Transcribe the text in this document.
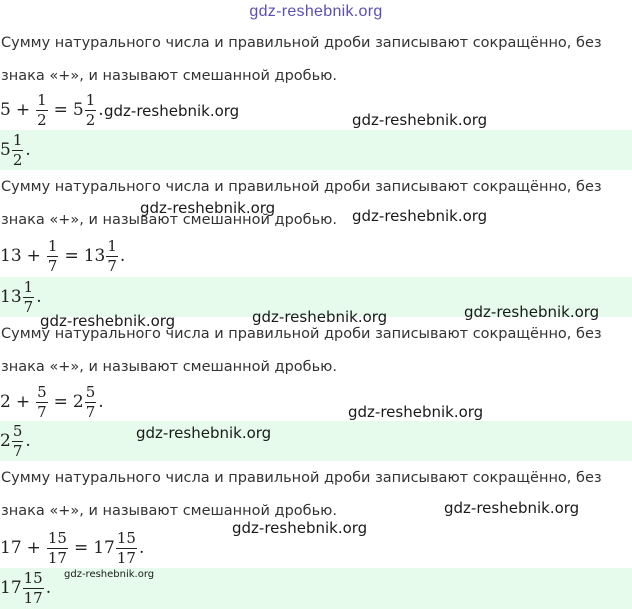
gdz-reshebnik.org
Сумму натурального числа и правильной дроби записывают сокращённо, без
знака «+», и называют смешанной дробью.
$5 + \frac{1}{2} = 5 \frac{1}{2}$ .
$5 \frac{1}{2}$ .
Сумму натурального числа и правильной дроби записывают сокращённо, без
знака «+», и называют смешанной дробью.
$13 + \frac{1}{7} = 13 \frac{1}{7}$ .
$13 \frac{1}{7}$ .
Сумму натурального числа и правильной дроби записывают сокращённо, без
знака «+», и называют смешанной дробью.
$2 + \frac{5}{7} = 2 \frac{5}{7}$ .
$2 \frac{5}{7}$ .
Сумму натурального числа и правильной дроби записывают сокращённо, без
знака «+», и называют смешанной дробью.
$17 + \frac{15}{17} = 17 \frac{15}{17}$ .
$17 \frac{15}{17}$ .
gdz-reshebnik.org	gdz-reshebnik.org
gdz-reshebnik.org	gdz-reshebnik.org
gdz-reshebnik.org
gdz-reshebnik.org	gdz-reshebnik.org
gdz-reshebnik.org
gdz-reshebnik.org
gdz-reshebnik.org
gdz-reshebnik.org
gdz-reshebnik.org
